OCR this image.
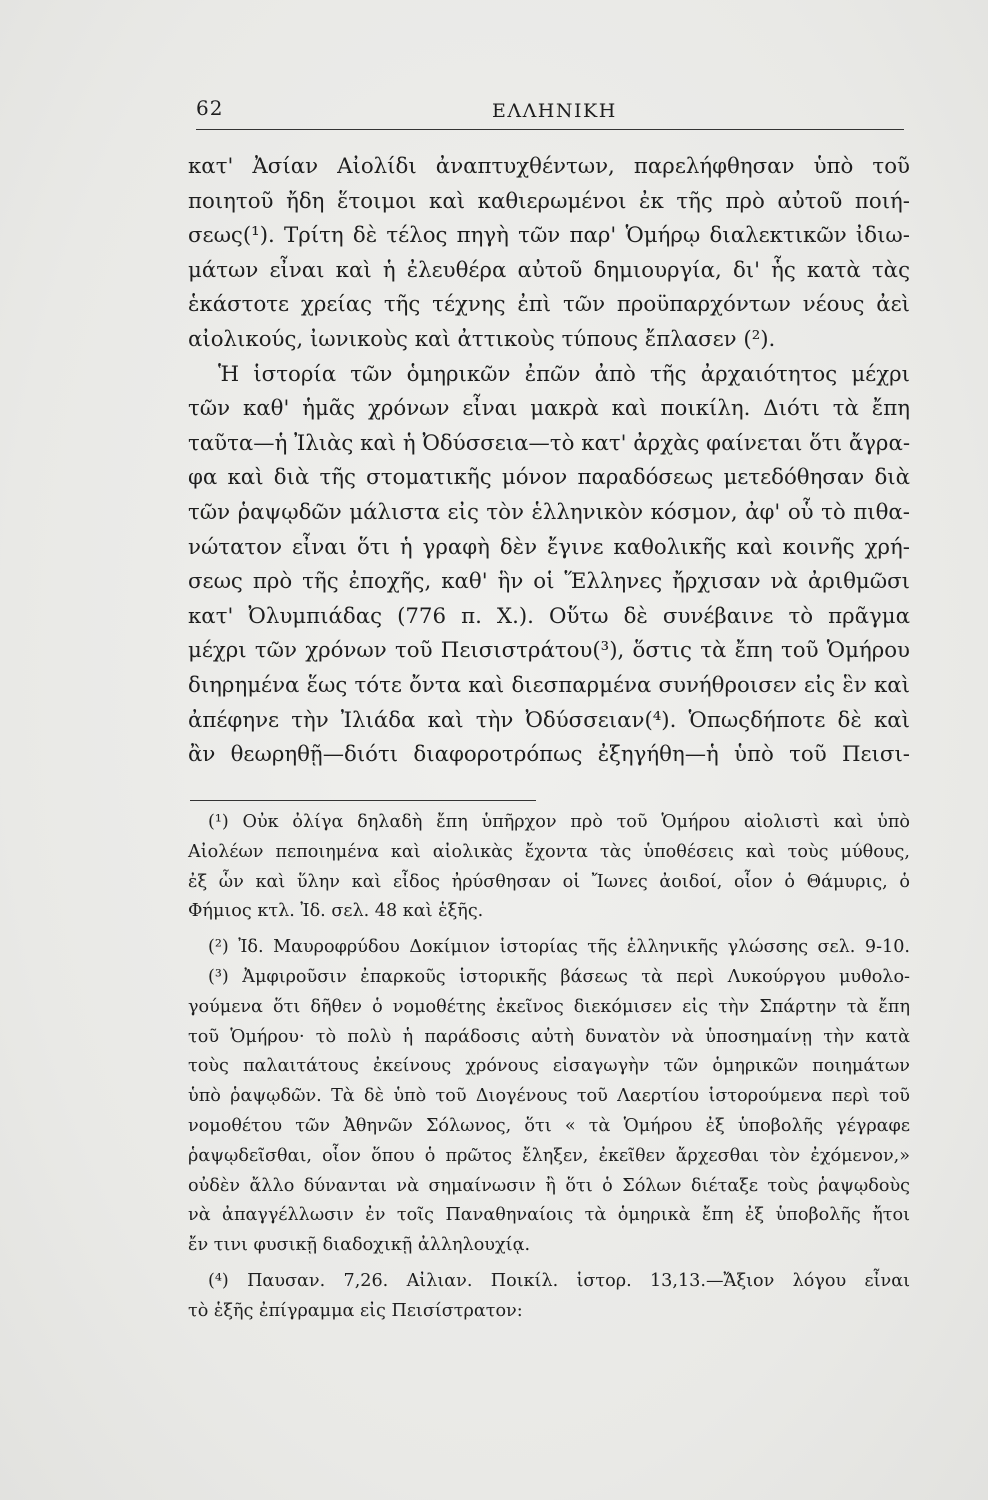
62	ΕΛΛΗΝΙΚΗ
κατ' Ἀσίαν Αἰολίδι ἀναπτυχθέντων, παρελήφθησαν ὑπὸ τοῦ
ποιητοῦ ἤδη ἕτοιμοι καὶ καθιερωμένοι ἐκ τῆς πρὸ αὐτοῦ ποιή-
σεως(¹). Τρίτη δὲ τέλος πηγὴ τῶν παρ' Ὁμήρῳ διαλεκτικῶν ἰδιω-
μάτων εἶναι καὶ ἡ ἐλευθέρα αὐτοῦ δημιουργία, δι' ἧς κατὰ τὰς
ἑκάστοτε χρείας τῆς τέχνης ἐπὶ τῶν προϋπαρχόντων νέους ἀεὶ
αἰολικούς, ἰωνικοὺς καὶ ἀττικοὺς τύπους ἔπλασεν (²).
Ἡ ἱστορία τῶν ὁμηρικῶν ἐπῶν ἀπὸ τῆς ἀρχαιότητος μέχρι
τῶν καθ' ἡμᾶς χρόνων εἶναι μακρὰ καὶ ποικίλη. Διότι τὰ ἔπη
ταῦτα—ἡ Ἰλιὰς καὶ ἡ Ὀδύσσεια—τὸ κατ' ἀρχὰς φαίνεται ὅτι ἄγρα-
φα καὶ διὰ τῆς στοματικῆς μόνον παραδόσεως μετεδόθησαν διὰ
τῶν ῥαψῳδῶν μάλιστα εἰς τὸν ἑλληνικὸν κόσμον, ἀφ' οὗ τὸ πιθα-
νώτατον εἶναι ὅτι ἡ γραφὴ δὲν ἔγινε καθολικῆς καὶ κοινῆς χρή-
σεως πρὸ τῆς ἐποχῆς, καθ' ἣν οἱ Ἕλληνες ἤρχισαν νὰ ἀριθμῶσι
κατ' Ὀλυμπιάδας (776 π. Χ.). Οὕτω δὲ συνέβαινε τὸ πρᾶγμα
μέχρι τῶν χρόνων τοῦ Πεισιστράτου(³), ὅστις τὰ ἔπη τοῦ Ὁμήρου
διηρημένα ἕως τότε ὄντα καὶ διεσπαρμένα συνήθροισεν εἰς ἓν καὶ
ἀπέφηνε τὴν Ἰλιάδα καὶ τὴν Ὀδύσσειαν(⁴). Ὁπωςδήποτε δὲ καὶ
ἂν θεωρηθῇ—διότι διαφοροτρόπως ἐξηγήθη—ἡ ὑπὸ τοῦ Πεισι-
(¹) Οὐκ ὀλίγα δηλαδὴ ἔπη ὑπῆρχον πρὸ τοῦ Ὁμήρου αἰολιστὶ καὶ ὑπὸ
Αἰολέων πεποιημένα καὶ αἰολικὰς ἔχοντα τὰς ὑποθέσεις καὶ τοὺς μύθους,
ἐξ ὧν καὶ ὕλην καὶ εἶδος ἠρύσθησαν οἱ Ἴωνες ἀοιδοί, οἷον ὁ Θάμυρις, ὁ
Φήμιος κτλ. Ἰδ. σελ. 48 καὶ ἑξῆς.
(²) Ἰδ. Μαυροφρύδου Δοκίμιον ἱστορίας τῆς ἑλληνικῆς γλώσσης σελ. 9-10.
(³) Ἀμφιροῦσιν ἐπαρκοῦς ἱστορικῆς βάσεως τὰ περὶ Λυκούργου μυθολο-
γούμενα ὅτι δῆθεν ὁ νομοθέτης ἐκεῖνος διεκόμισεν εἰς τὴν Σπάρτην τὰ ἔπη
τοῦ Ὁμήρου· τὸ πολὺ ἡ παράδοσις αὐτὴ δυνατὸν νὰ ὑποσημαίνῃ τὴν κατὰ
τοὺς παλαιτάτους ἐκείνους χρόνους εἰσαγωγὴν τῶν ὁμηρικῶν ποιημάτων
ὑπὸ ῥαψῳδῶν. Τὰ δὲ ὑπὸ τοῦ Διογένους τοῦ Λαερτίου ἱστορούμενα περὶ τοῦ
νομοθέτου τῶν Ἀθηνῶν Σόλωνος, ὅτι « τὰ Ὁμήρου ἐξ ὑποβολῆς γέγραφε
ῥαψῳδεῖσθαι, οἷον ὅπου ὁ πρῶτος ἔληξεν, ἐκεῖθεν ἄρχεσθαι τὸν ἐχόμενον,»
οὐδὲν ἄλλο δύνανται νὰ σημαίνωσιν ἢ ὅτι ὁ Σόλων διέταξε τοὺς ῥαψῳδοὺς
νὰ ἀπαγγέλλωσιν ἐν τοῖς Παναθηναίοις τὰ ὁμηρικὰ ἔπη ἐξ ὑποβολῆς ἤτοι
ἔν τινι φυσικῇ διαδοχικῇ ἀλληλουχίᾳ.
(⁴) Παυσαν. 7,26. Αἰλιαν. Ποικίλ. ἱστορ. 13,13.—Ἄξιον λόγου εἶναι
τὸ ἑξῆς ἐπίγραμμα εἰς Πεισίστρατον:
